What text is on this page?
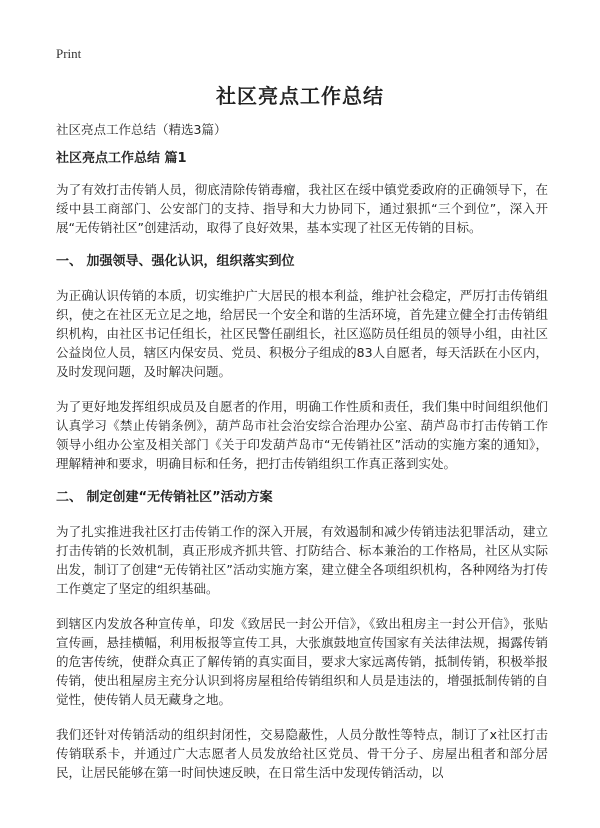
Print
社区亮点工作总结
社区亮点工作总结（精选3篇）
社区亮点工作总结 篇1

为了有效打击传销人员，彻底清除传销毒瘤，我社区在绥中镇党委政府的正确领导下，在绥中县工商部门、公安部门的支持、指导和大力协同下，通过狠抓“三个到位”，深入开展“无传销社区”创建活动，取得了良好效果，基本实现了社区无传销的目标。

一、 加强领导、强化认识，组织落实到位

为正确认识传销的本质，切实维护广大居民的根本利益，维护社会稳定，严厉打击传销组织，使之在社区无立足之地，给居民一个安全和谐的生活环境，首先建立健全打击传销组织机构，由社区书记任组长，社区民警任副组长，社区巡防员任组员的领导小组，由社区公益岗位人员，辖区内保安员、党员、积极分子组成的83人自愿者，每天活跃在小区内，及时发现问题，及时解决问题。

为了更好地发挥组织成员及自愿者的作用，明确工作性质和责任，我们集中时间组织他们认真学习《禁止传销条例》，葫芦岛市社会治安综合治理办公室、葫芦岛市打击传销工作领导小组办公室及相关部门《关于印发葫芦岛市“无传销社区”活动的实施方案的通知》，理解精神和要求，明确目标和任务，把打击传销组织工作真正落到实处。

二、 制定创建“无传销社区”活动方案

为了扎实推进我社区打击传销工作的深入开展，有效遏制和减少传销违法犯罪活动，建立打击传销的长效机制，真正形成齐抓共管、打防结合、标本兼治的工作格局，社区从实际出发，制订了创建“无传销社区”活动实施方案，建立健全各项组织机构，各种网络为打传工作奠定了坚定的组织基础。

到辖区内发放各种宣传单，印发《致居民一封公开信》，《致出租房主一封公开信》，张贴宣传画，悬挂横幅，利用板报等宣传工具，大张旗鼓地宣传国家有关法律法规，揭露传销的危害传统，使群众真正了解传销的真实面目，要求大家远离传销，抵制传销，积极举报传销，使出租屋房主充分认识到将房屋租给传销组织和人员是违法的，增强抵制传销的自觉性，使传销人员无藏身之地。

我们还针对传销活动的组织封闭性，交易隐蔽性，人员分散性等特点，制订了x社区打击传销联系卡，并通过广大志愿者人员发放给社区党员、骨干分子、房屋出租者和部分居民，让居民能够在第一时间快速反映，在日常生活中发现传销活动，以
